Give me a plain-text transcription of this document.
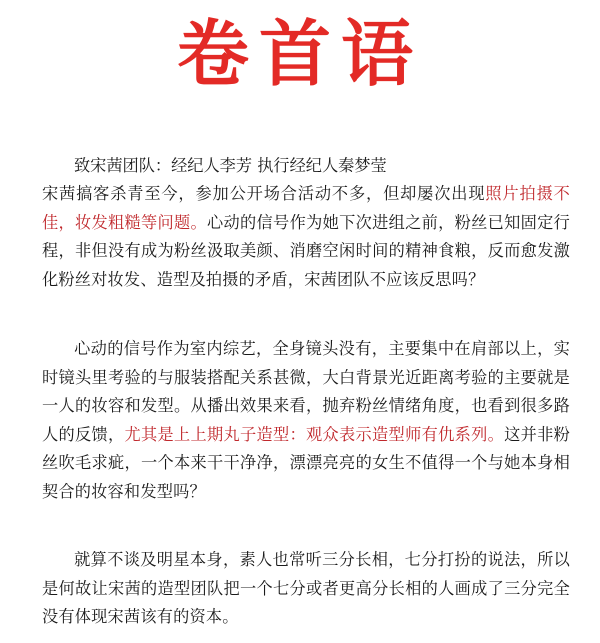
卷首语
致宋茜团队：经纪人李芳 执行经纪人秦梦莹
宋茜搞客杀青至今，参加公开场合活动不多，但却屡次出现照片拍摄不佳，妆发粗糙等问题。心动的信号作为她下次进组之前，粉丝已知固定行程，非但没有成为粉丝汲取美颜、消磨空闲时间的精神食粮，反而愈发激化粉丝对妆发、造型及拍摄的矛盾，宋茜团队不应该反思吗？
心动的信号作为室内综艺，全身镜头没有，主要集中在肩部以上，实时镜头里考验的与服装搭配关系甚微，大白背景光近距离考验的主要就是一人的妆容和发型。从播出效果来看，抛弃粉丝情绪角度，也看到很多路人的反馈，尤其是上上期丸子造型：观众表示造型师有仇系列。这并非粉丝吹毛求疵，一个本来干干净净，漂漂亮亮的女生不值得一个与她本身相契合的妆容和发型吗？
就算不谈及明星本身，素人也常听三分长相，七分打扮的说法，所以是何故让宋茜的造型团队把一个七分或者更高分长相的人画成了三分完全没有体现宋茜该有的资本。
